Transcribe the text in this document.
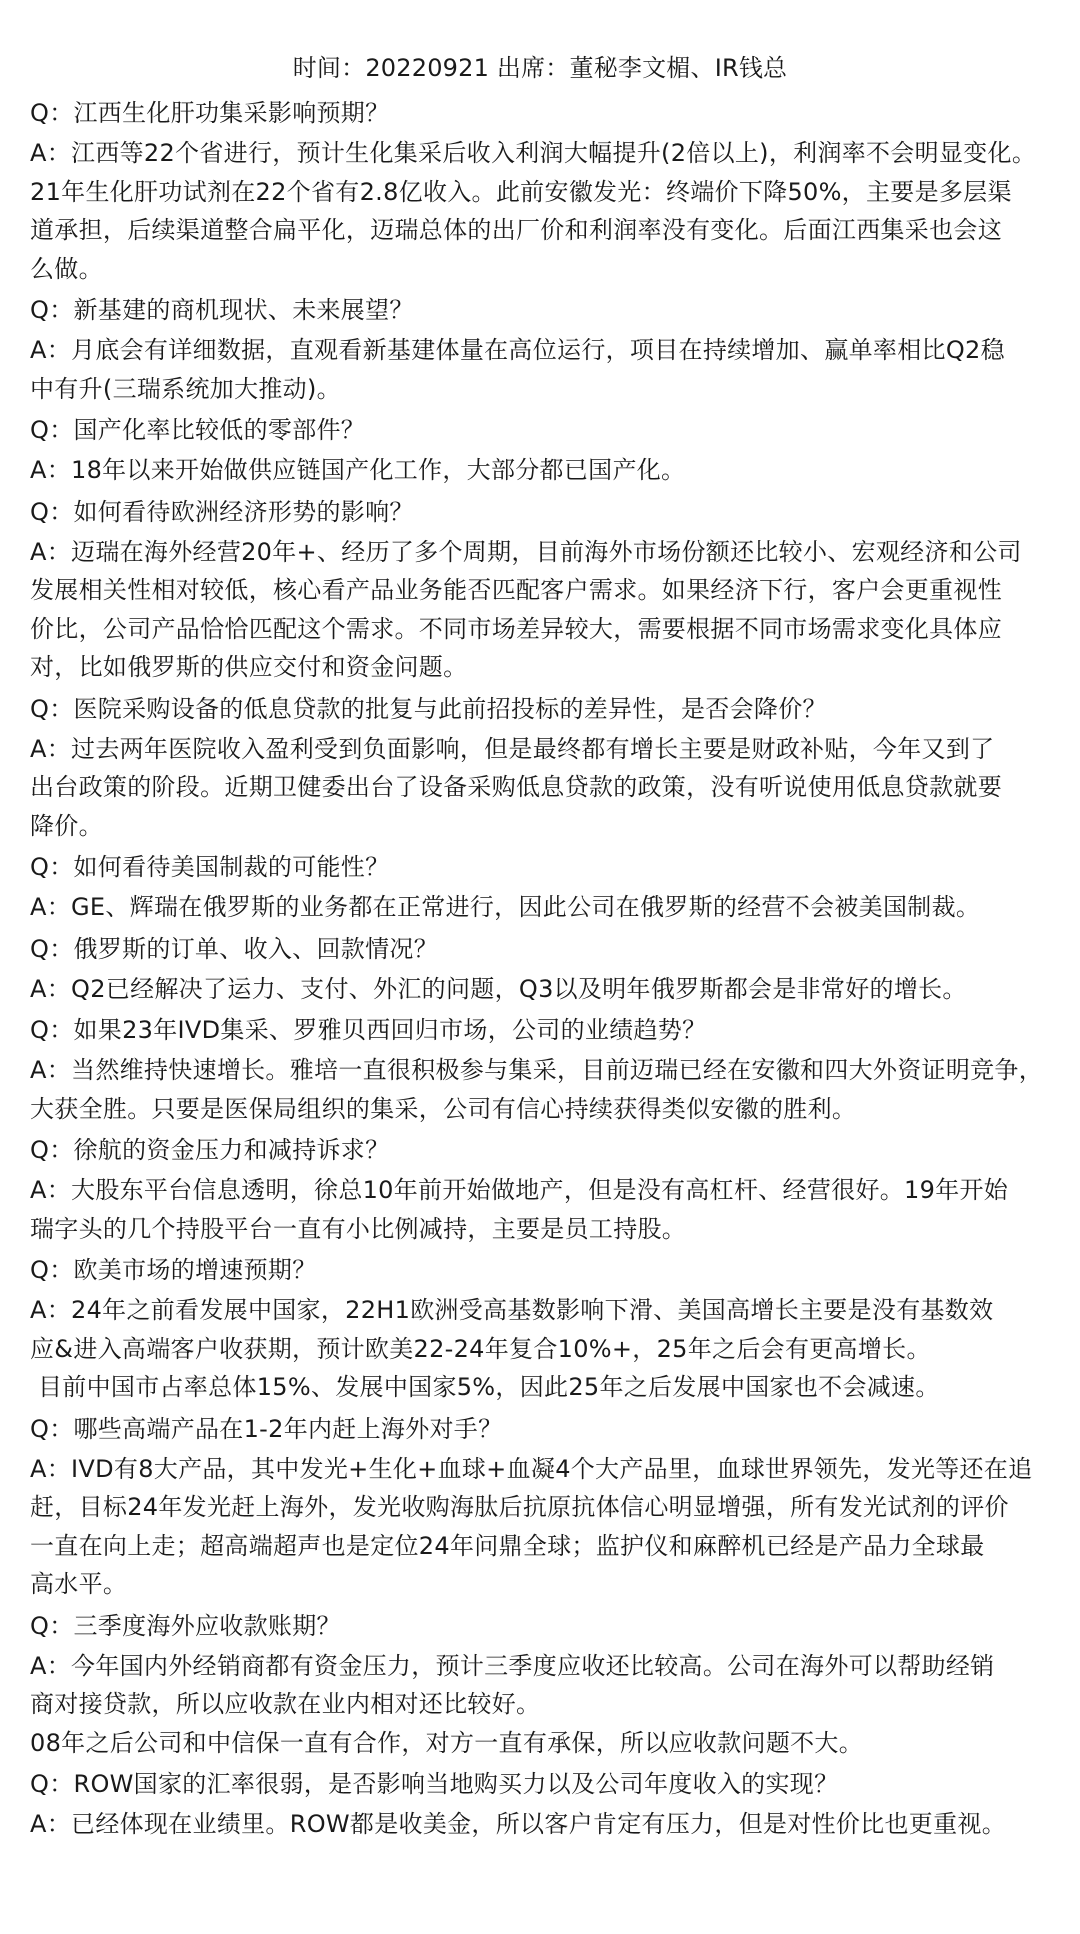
时间：20220921 出席：董秘李文楣、IR钱总
Q：江西生化肝功集采影响预期？
A：江西等22个省进行，预计生化集采后收入利润大幅提升(2倍以上)，利润率不会明显变化。
21年生化肝功试剂在22个省有2.8亿收入。此前安徽发光：终端价下降50%，主要是多层渠
道承担，后续渠道整合扁平化，迈瑞总体的出厂价和利润率没有变化。后面江西集采也会这
么做。
Q：新基建的商机现状、未来展望？
A：月底会有详细数据，直观看新基建体量在高位运行，项目在持续增加、赢单率相比Q2稳
中有升(三瑞系统加大推动)。
Q：国产化率比较低的零部件？
A：18年以来开始做供应链国产化工作，大部分都已国产化。
Q：如何看待欧洲经济形势的影响？
A：迈瑞在海外经营20年+、经历了多个周期，目前海外市场份额还比较小、宏观经济和公司
发展相关性相对较低，核心看产品业务能否匹配客户需求。如果经济下行，客户会更重视性
价比，公司产品恰恰匹配这个需求。不同市场差异较大，需要根据不同市场需求变化具体应
对，比如俄罗斯的供应交付和资金问题。
Q：医院采购设备的低息贷款的批复与此前招投标的差异性，是否会降价？
A：过去两年医院收入盈利受到负面影响，但是最终都有增长主要是财政补贴，今年又到了
出台政策的阶段。近期卫健委出台了设备采购低息贷款的政策，没有听说使用低息贷款就要
降价。
Q：如何看待美国制裁的可能性？
A：GE、辉瑞在俄罗斯的业务都在正常进行，因此公司在俄罗斯的经营不会被美国制裁。
Q：俄罗斯的订单、收入、回款情况？
A：Q2已经解决了运力、支付、外汇的问题，Q3以及明年俄罗斯都会是非常好的增长。
Q：如果23年IVD集采、罗雅贝西回归市场，公司的业绩趋势？
A：当然维持快速增长。雅培一直很积极参与集采，目前迈瑞已经在安徽和四大外资证明竞争，
大获全胜。只要是医保局组织的集采，公司有信心持续获得类似安徽的胜利。
Q：徐航的资金压力和减持诉求？
A：大股东平台信息透明，徐总10年前开始做地产，但是没有高杠杆、经营很好。19年开始
瑞字头的几个持股平台一直有小比例减持，主要是员工持股。
Q：欧美市场的增速预期？
A：24年之前看发展中国家，22H1欧洲受高基数影响下滑、美国高增长主要是没有基数效
应&进入高端客户收获期，预计欧美22-24年复合10%+，25年之后会有更高增长。
目前中国市占率总体15%、发展中国家5%，因此25年之后发展中国家也不会减速。
Q：哪些高端产品在1-2年内赶上海外对手？
A：IVD有8大产品，其中发光+生化+血球+血凝4个大产品里，血球世界领先，发光等还在追
赶，目标24年发光赶上海外，发光收购海肽后抗原抗体信心明显增强，所有发光试剂的评价
一直在向上走；超高端超声也是定位24年问鼎全球；监护仪和麻醉机已经是产品力全球最
高水平。
Q：三季度海外应收款账期？
A：今年国内外经销商都有资金压力，预计三季度应收还比较高。公司在海外可以帮助经销
商对接贷款，所以应收款在业内相对还比较好。
08年之后公司和中信保一直有合作，对方一直有承保，所以应收款问题不大。
Q：ROW国家的汇率很弱，是否影响当地购买力以及公司年度收入的实现？
A：已经体现在业绩里。ROW都是收美金，所以客户肯定有压力，但是对性价比也更重视。
